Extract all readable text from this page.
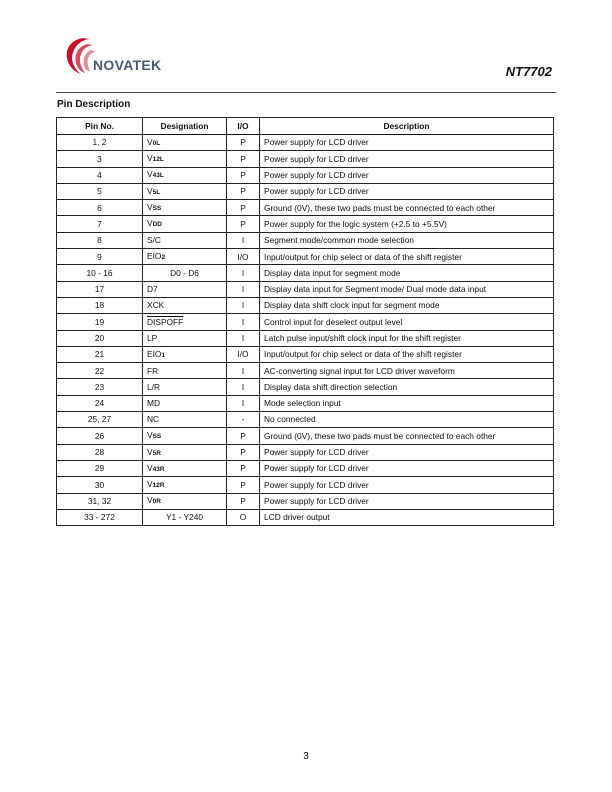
NOVATEK	NT7702
Pin Description
Pin No.	Designation	I/O	Description
1, 2	V0L	P	Power supply for LCD driver
3	V12L	P	Power supply for LCD driver
4	V43L	P	Power supply for LCD driver
5	V5L	P	Power supply for LCD driver
6	VSS	P	Ground (0V), these two pads must be connected to each other
7	VDD	P	Power supply for the logic system (+2.5 to +5.5V)
8	S/C	I	Segment mode/common mode selection
9	EIO2	I/O	Input/output for chip select or data of the shift register
10 - 16	D0 - D6	I	Display data input for segment mode
17	D7	I	Display data input for Segment mode/ Dual mode data input
18	XCK	I	Display data shift clock input for segment mode
19	DISPOFF	I	Control input for deselect output level
20	LP	I	Latch pulse input/shift clock input for the shift register
21	EIO1	I/O	Input/output for chip select or data of the shift register
22	FR	I	AC-converting signal input for LCD driver waveform
23	L/R	I	Display data shift direction selection
24	MD	I	Mode selection input
25, 27	NC	-	No connected
26	VSS	P	Ground (0V), these two pads must be connected to each other
28	V5R	P	Power supply for LCD driver
29	V43R	P	Power supply for LCD driver
30	V12R	P	Power supply for LCD driver
31, 32	V0R	P	Power supply for LCD driver
33 - 272	Y1 - Y240	O	LCD driver output
3
